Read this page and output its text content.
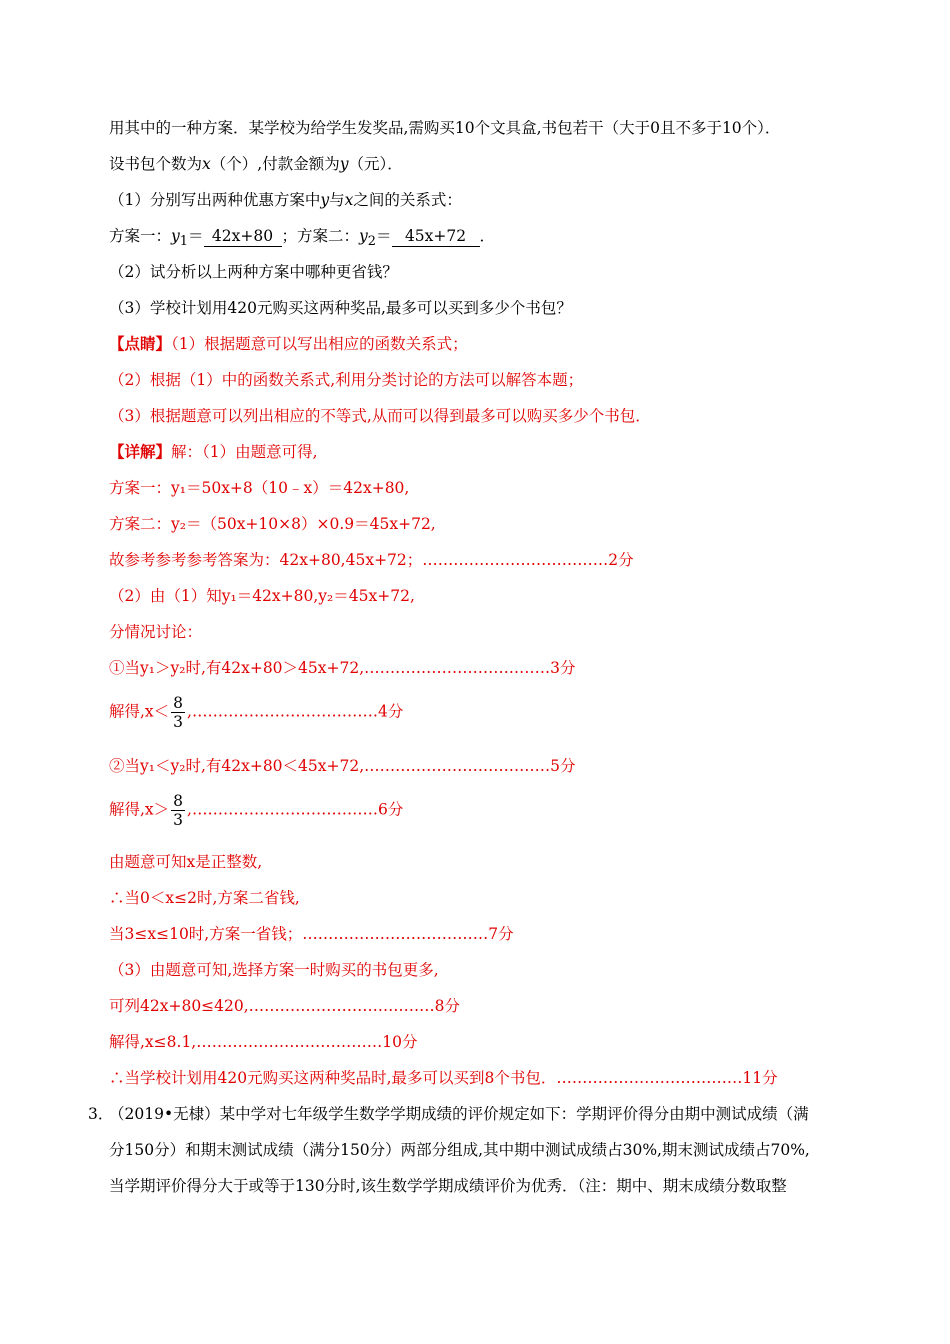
用其中的一种方案．某学校为给学生发奖品,需购买10个文具盒,书包若干（大于0且不多于10个）．
设书包个数为x（个）,付款金额为y（元）．
（1）分别写出两种优惠方案中y与x之间的关系式：
方案一：$y_1= 42x+80$ ；方案二：$y_2= 45x+72$ ．
（2）试分析以上两种方案中哪种更省钱？
（3）学校计划用420元购买这两种奖品,最多可以买到多少个书包？
【点睛】（1）根据题意可以写出相应的函数关系式；
（2）根据（1）中的函数关系式,利用分类讨论的方法可以解答本题；
（3）根据题意可以列出相应的不等式,从而可以得到最多可以购买多少个书包．
【详解】解：（1）由题意可得,
方案一：y₁＝50x+8（10﹣x）＝42x+80,
方案二：y₂＝（50x+10×8）×0.9＝45x+72,
故参考参考参考答案为：42x+80,45x+72；………………………………2分
（2）由（1）知y₁＝42x+80,y₂＝45x+72,
分情况讨论：
①当y₁＞y₂时,有42x+80＞45x+72,………………………………3分
解得$,x< \frac{8}{3}$ ,………………………………4分
②当y₁＜y₂时,有42x+80＜45x+72,………………………………5分
解得$,x> \frac{8}{3}$ ,………………………………6分
由题意可知x是正整数,
∴当0＜x≤2时,方案二省钱,
当3≤x≤10时,方案一省钱；………………………………7分
（3）由题意可知,选择方案一时购买的书包更多,
可列42x+80≤420,………………………………8分
解得,x≤8.1,………………………………10分
∴当学校计划用420元购买这两种奖品时,最多可以买到8个书包．………………………………11分
3．
（2019•无棣）某中学对七年级学生数学学期成绩的评价规定如下：学期评价得分由期中测试成绩（满
分150分）和期末测试成绩（满分150分）两部分组成,其中期中测试成绩占30%,期末测试成绩占70%,
当学期评价得分大于或等于130分时,该生数学学期成绩评价为优秀．（注：期中、期末成绩分数取整
